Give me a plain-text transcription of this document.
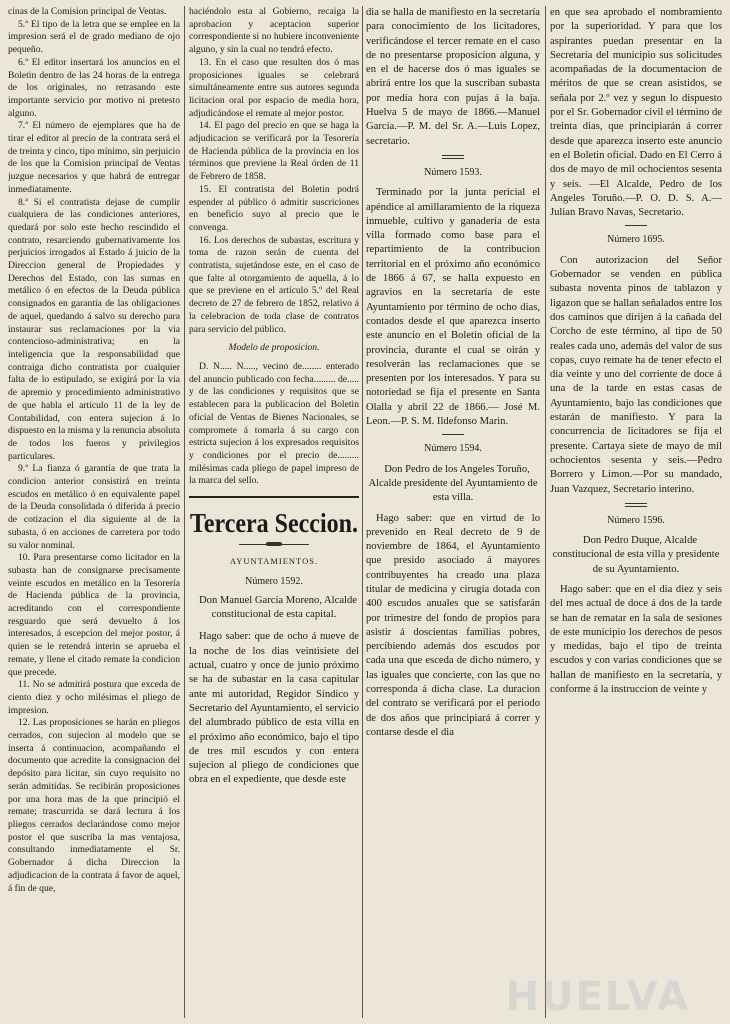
cinas de la Comision principal de Ventas.

5.ª El tipo de la letra que se emplee en la impresion será el de grado mediano de ojo pequeño.

6.ª El editor insertará los anuncios en el Boletin dentro de las 24 horas de la entrega de los originales, no retrasando este importante servicio por motivo ni pretesto alguno.

7.ª El número de ejemplares que ha de tirar el editor al precio de la contrata será el de treinta y cinco, tipo mínimo, sin perjuicio de los que la Comision principal de Ventas juzgue necesarios y que habrá de entregar inmediatamente.

8.ª Si el contratista dejase de cumplir cualquiera de las condiciones anteriores, quedará por solo este hecho rescindido el contrato, resarciendo gubernativamente los perjuicios irrogados al Estado á juicio de la Direccion general de Propiedades y Derechos del Estado, con las sumas en metálico ó en efectos de la Deuda pública consignados en garantía de las obligaciones de aquel, quedando á salvo su derecho para instaurar sus reclamaciones por la via contencioso-administrativa; en la inteligencia que la responsabilidad que contraiga dicho contratista por cualquier falta de lo estipulado, se exigirá por la via de apremio y procedimiento administrativo de que habla el artículo 11 de la ley de Contabilidad, con entera sujecion á lo dispuesto en la misma y la renuncia absoluta de todos los fueros y privilegios particulares.

9.ª La fianza ó garantía de que trata la condicion anterior consistirá en treinta escudos en metálico ó en equivalente papel de la Deuda consolidada ó diferida á precio de cotizacion el dia siguiente al de la subasta, ó en acciones de carretera por todo su valor nominal.

10. Para presentarse como licitador en la subasta han de consignarse precisamente veinte escudos en metálico en la Tesorería de Hacienda pública de la provincia, acreditando con el correspondiente resguardo que será devuelto á los interesados, á escepcion del mejor postor, á quien se le retendrá interin se aprueba el remate, y llene el citado remate la condicion que precede.

11. No se admitirá postura que exceda de ciento diez y ocho milésimas el pliego de impresion.

12. Las proposiciones se harán en pliegos cerrados, con sujecion al modelo que se inserta á continuacion, acompañando el documento que acredite la consignacion del depósito para licitar, sin cuyo requisito no serán admitidas. Se recibirán proposiciones por una hora mas de la que principió el remate; trascurrida se dará lectura á los pliegos cerrados declarándose como mejor postor el que suscriba la mas ventajosa, consultando inmediatamente el Sr. Gobernador á dicha Direccion la adjudicacion de la contrata á favor de aquel, á fin de que,

haciéndolo esta al Gobierno, recaiga la aprobacion y aceptacion superior correspondiente si no hubiere inconveniente alguno, y sin la cual no tendrá efecto.

13. En el caso que resulten dos ó mas proposiciones iguales se celebrará simultáneamente entre sus autores segunda licitacion oral por espacio de media hora, adjudicándose el remate al mejor postor.

14. El pago del precio en que se haga la adjudicacion se verificará por la Tesorería de Hacienda pública de la provincia en los términos que previene la Real órden de 11 de Febrero de 1858.

15. El contratista del Boletin podrá espender al público ó admitir suscriciones en beneficio suyo al precio que le convenga.

16. Los derechos de subastas, escritura y toma de razon serán de cuenta del contratista, sujetándose este, en el caso de que falte al otorgamiento de aquella, á lo que se previene en el artículo 5.º del Real decreto de 27 de febrero de 1852, relativo á la celebracion de toda clase de contratos para servicio del público.

Modelo de proposicion.

D. N..... N....., vecino de........ enterado del anuncio publicado con fecha......... de..... y de las condiciones y requisitos que se establecen para la publicacion del Boletin oficial de Ventas de Bienes Nacionales, se compromete á tomarla á su cargo con estricta sujecion á los expresados requisitos y condiciones por el precio de......... milésimas cada pliego de papel impreso de la marca del sello.

Tercera Seccion.
AYUNTAMIENTOS.
Número 1592.

Don Manuel García Moreno, Alcalde constitucional de esta capital.

Hago saber: que de ocho á nueve de la noche de los dias veintisiete del actual, cuatro y once de junio próximo se ha de subastar en la casa capitular ante mi autoridad, Regidor Síndico y Secretario del Ayuntamiento, el servicio del alumbrado público de esta villa en el próximo año económico, bajo el tipo de tres mil escudos y con entera sujecion al pliego de condiciones que obra en el expediente, que desde este

dia se halla de manifiesto en la secretaría para conocimiento de los licitadores, verificándose el tercer remate en el caso de no presentarse proposicion alguna, y en el de hacerse dos ó mas iguales se abrirá entre los que la suscriban subasta por media hora con pujas á la baja. Huelva 5 de mayo de 1866.—Manuel García.—P. M. del Sr. A.—Luis Lopez, secretario.

Número 1593.

Terminado por la junta pericial el apéndice al amillaramiento de la riqueza inmueble, cultivo y ganadería de esta villa formado como base para el repartimiento de la contribucion territorial en el próximo año económico de 1866 á 67, se halla expuesto en agravios en la secretaría de este Ayuntamiento por término de ocho dias, contados desde el que aparezca inserto este anuncio en el Boletin oficial de la provincia, durante el cual se oirán y resolverán las reclamaciones que se presenten por los interesados. Y para su notoriedad se fija el presente en Santa Olalla y abril 22 de 1866.— José M. Leon.—P. S. M. Ildefonso Marin.

Número 1594.

Don Pedro de los Angeles Toruño, Alcalde presidente del Ayuntamiento de esta villa.

Hago saber: que en virtud de lo prevenido en Real decreto de 9 de noviembre de 1864, el Ayuntamiento que presido asociado á mayores contribuyentes ha creado una plaza titular de medicina y cirugía dotada con 400 escudos anuales que se satisfarán por trimestre del fondo de propios para asistir á doscientas familias pobres, percibiendo además dos escudos por cada una que esceda de dicho número, y las iguales que concierte, con las que no corresponda á dicha clase. La duracion del contrato se verificará por el periodo de dos años que principiará á correr y contarse desde el dia

en que sea aprobado el nombramiento por la superioridad. Y para que los aspirantes puedan presentar en la Secretaría del municipio sus solicitudes acompañadas de la documentacion de méritos de que se crean asistidos, se señala por 2.º vez y segun lo dispuesto por el Sr. Gobernador civil el término de treinta dias, que principiarán á correr desde que aparezca inserto este anuncio en el Boletin oficial. Dado en El Cerro á dos de mayo de mil ochocientos sesenta y seis. —El Alcalde, Pedro de los Angeles Toruño.—P. O. D. S. A.—Julian Bravo Navas, Secretario.

Número 1695.

Con autorizacion del Señor Gobernador se venden en pública subasta noventa pinos de tablazon y ligazon que se hallan señalados entre los dos caminos que dirijen á la cañada del Corcho de este término, al tipo de 50 reales cada uno, además del valor de sus copas, cuyo remate ha de tener efecto el dia veinte y uno del corriente de doce á una de la tarde en estas casas de Ayuntamiento, bajo las condiciones que estarán de manifiesto. Y para la concurrencia de licitadores se fija el presente. Cartaya siete de mayo de mil ochocientos sesenta y seis.—Pedro Borrero y Limon.—Por su mandado, Juan Vazquez, Secretario interino.

Número 1596.

Don Pedro Duque, Alcalde constitucional de esta villa y presidente de su Ayuntamiento.

Hago saber: que en el dia diez y seis del mes actual de doce á dos de la tarde se han de rematar en la sala de sesiones de este municipio los derechos de pesos y medidas, bajo el tipo de treinta escudos y con varias condiciones que se hallan de manifiesto en la secretaría, y conforme á la instruccion de veinte y

HUELVA
